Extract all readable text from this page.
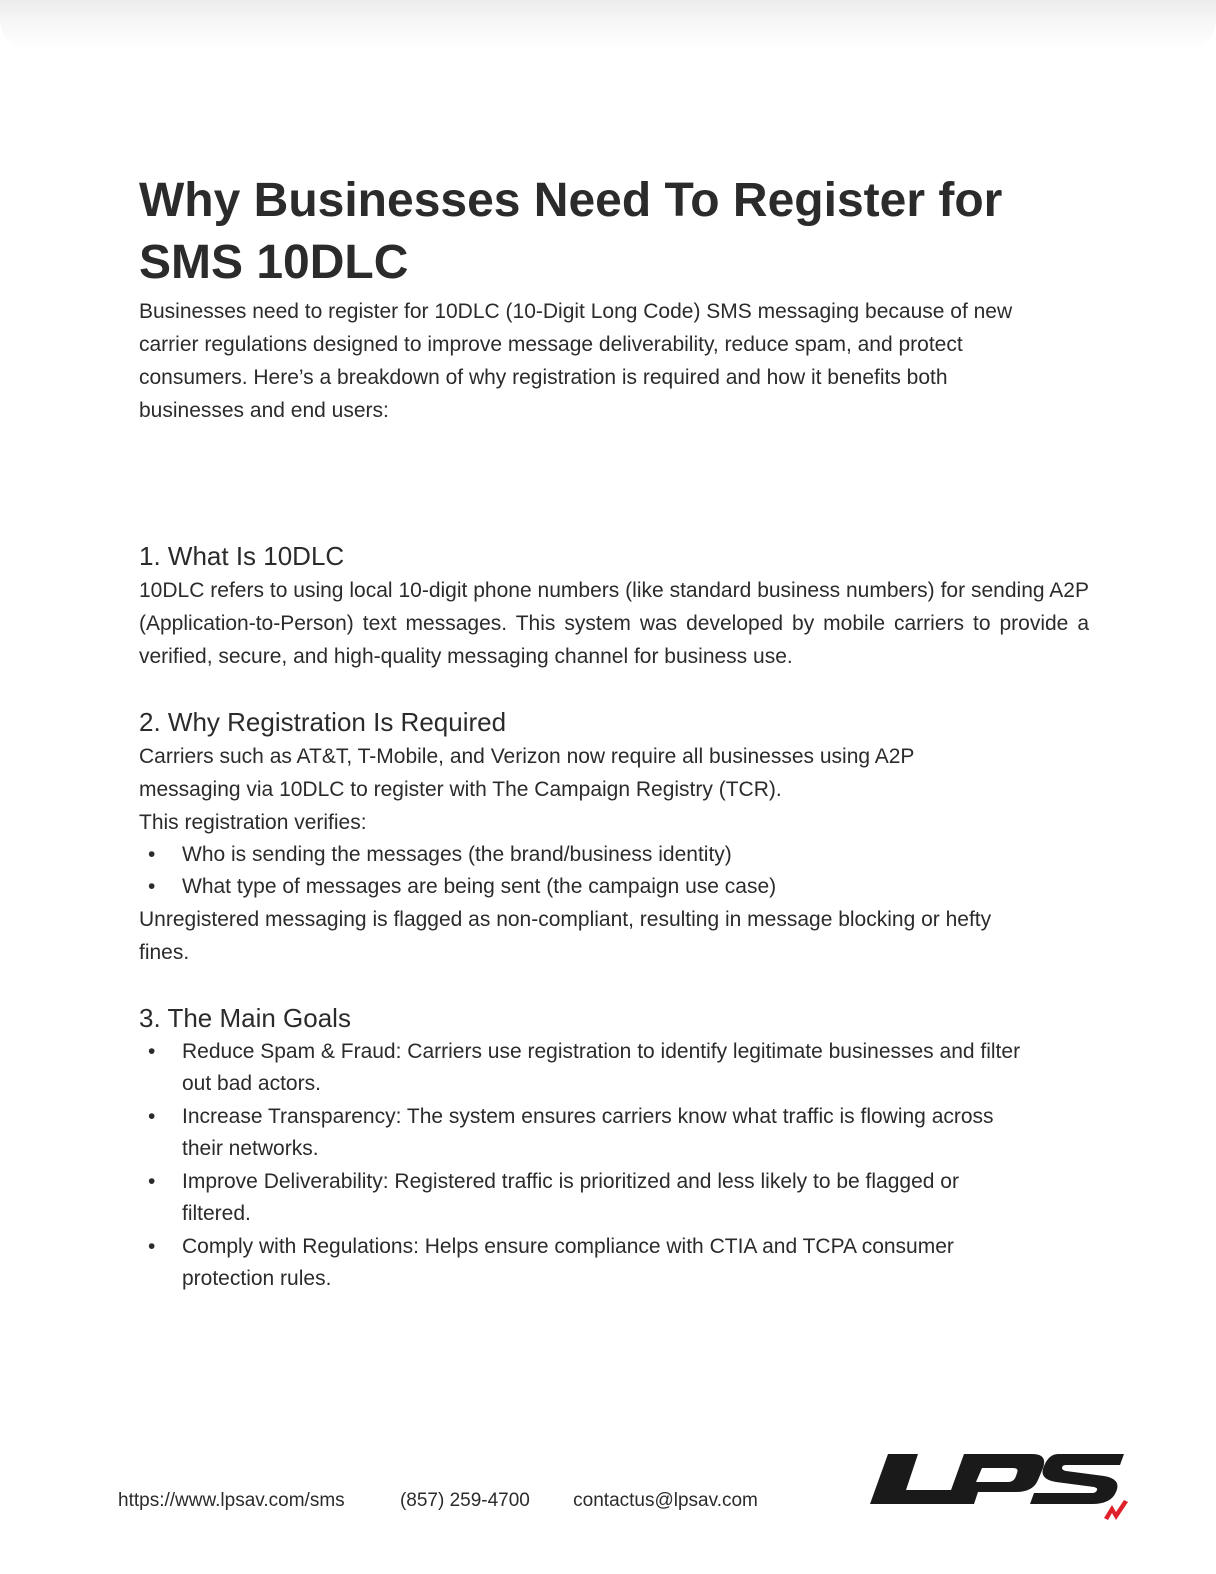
Why Businesses Need To Register for SMS 10DLC

Businesses need to register for 10DLC (10-Digit Long Code) SMS messaging because of new carrier regulations designed to improve message deliverability, reduce spam, and protect consumers. Here’s a breakdown of why registration is required and how it benefits both businesses and end users:

1. What Is 10DLC

10DLC refers to using local 10-digit phone numbers (like standard business numbers) for sending A2P (Application-to-Person) text messages. This system was developed by mobile carriers to provide a verified, secure, and high-quality messaging channel for business use.

2. Why Registration Is Required

Carriers such as AT&T, T-Mobile, and Verizon now require all businesses using A2P messaging via 10DLC to register with The Campaign Registry (TCR).

This registration verifies:

• Who is sending the messages (the brand/business identity)
• What type of messages are being sent (the campaign use case)

Unregistered messaging is flagged as non-compliant, resulting in message blocking or hefty fines.

3. The Main Goals
• Reduce Spam & Fraud: Carriers use registration to identify legitimate businesses and filter out bad actors.
• Increase Transparency: The system ensures carriers know what traffic is flowing across their networks.
• Improve Deliverability: Registered traffic is prioritized and less likely to be flagged or filtered.
• Comply with Regulations: Helps ensure compliance with CTIA and TCPA consumer protection rules.
https://www.lpsav.com/sms	(857) 259-4700 contactus@lpsav.com
